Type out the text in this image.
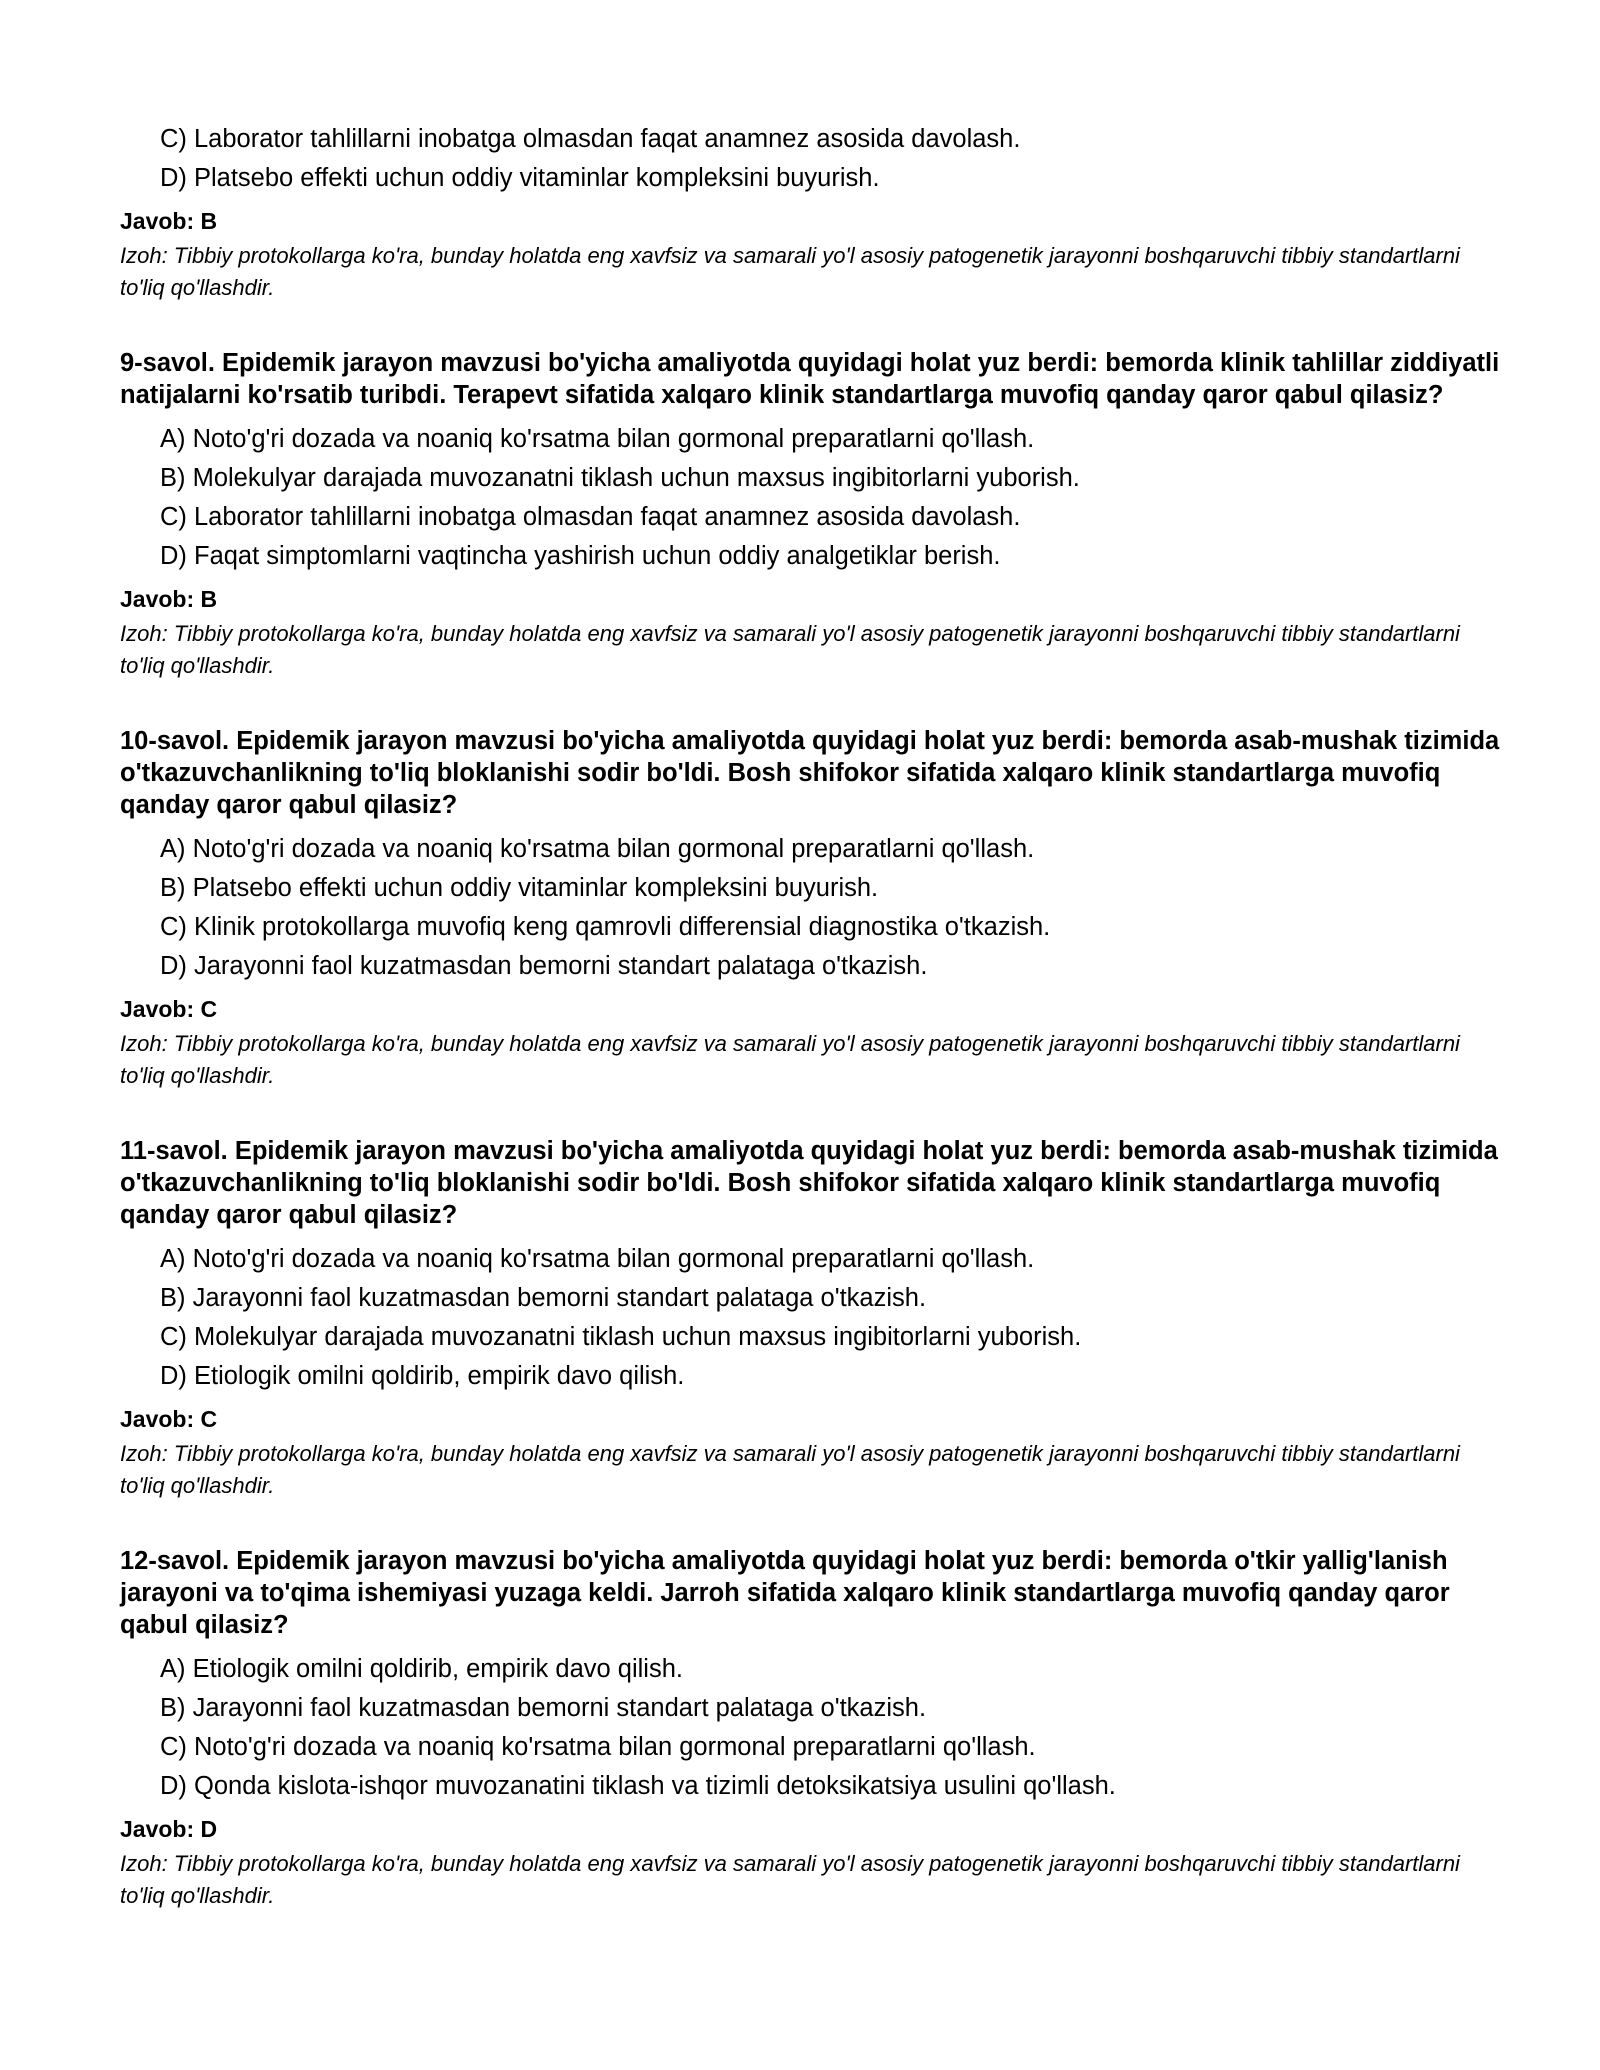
C) Laborator tahlillarni inobatga olmasdan faqat anamnez asosida davolash.
D) Platsebo effekti uchun oddiy vitaminlar kompleksini buyurish.
Javob: B
Izoh: Tibbiy protokollarga ko'ra, bunday holatda eng xavfsiz va samarali yo'l asosiy patogenetik jarayonni boshqaruvchi tibbiy standartlarni to'liq qo'llashdir.
9-savol. Epidemik jarayon mavzusi bo'yicha amaliyotda quyidagi holat yuz berdi: bemorda klinik tahlillar ziddiyatli natijalarni ko'rsatib turibdi. Terapevt sifatida xalqaro klinik standartlarga muvofiq qanday qaror qabul qilasiz?
A) Noto'g'ri dozada va noaniq ko'rsatma bilan gormonal preparatlarni qo'llash.
B) Molekulyar darajada muvozanatni tiklash uchun maxsus ingibitorlarni yuborish.
C) Laborator tahlillarni inobatga olmasdan faqat anamnez asosida davolash.
D) Faqat simptomlarni vaqtincha yashirish uchun oddiy analgetiklar berish.
Javob: B
Izoh: Tibbiy protokollarga ko'ra, bunday holatda eng xavfsiz va samarali yo'l asosiy patogenetik jarayonni boshqaruvchi tibbiy standartlarni to'liq qo'llashdir.
10-savol. Epidemik jarayon mavzusi bo'yicha amaliyotda quyidagi holat yuz berdi: bemorda asab-mushak tizimida o'tkazuvchanlikning to'liq bloklanishi sodir bo'ldi. Bosh shifokor sifatida xalqaro klinik standartlarga muvofiq qanday qaror qabul qilasiz?
A) Noto'g'ri dozada va noaniq ko'rsatma bilan gormonal preparatlarni qo'llash.
B) Platsebo effekti uchun oddiy vitaminlar kompleksini buyurish.
C) Klinik protokollarga muvofiq keng qamrovli differensial diagnostika o'tkazish.
D) Jarayonni faol kuzatmasdan bemorni standart palataga o'tkazish.
Javob: C
Izoh: Tibbiy protokollarga ko'ra, bunday holatda eng xavfsiz va samarali yo'l asosiy patogenetik jarayonni boshqaruvchi tibbiy standartlarni to'liq qo'llashdir.
11-savol. Epidemik jarayon mavzusi bo'yicha amaliyotda quyidagi holat yuz berdi: bemorda asab-mushak tizimida o'tkazuvchanlikning to'liq bloklanishi sodir bo'ldi. Bosh shifokor sifatida xalqaro klinik standartlarga muvofiq qanday qaror qabul qilasiz?
A) Noto'g'ri dozada va noaniq ko'rsatma bilan gormonal preparatlarni qo'llash.
B) Jarayonni faol kuzatmasdan bemorni standart palataga o'tkazish.
C) Molekulyar darajada muvozanatni tiklash uchun maxsus ingibitorlarni yuborish.
D) Etiologik omilni qoldirib, empirik davo qilish.
Javob: C
Izoh: Tibbiy protokollarga ko'ra, bunday holatda eng xavfsiz va samarali yo'l asosiy patogenetik jarayonni boshqaruvchi tibbiy standartlarni to'liq qo'llashdir.
12-savol. Epidemik jarayon mavzusi bo'yicha amaliyotda quyidagi holat yuz berdi: bemorda o'tkir yallig'lanish jarayoni va to'qima ishemiyasi yuzaga keldi. Jarroh sifatida xalqaro klinik standartlarga muvofiq qanday qaror qabul qilasiz?
A) Etiologik omilni qoldirib, empirik davo qilish.
B) Jarayonni faol kuzatmasdan bemorni standart palataga o'tkazish.
C) Noto'g'ri dozada va noaniq ko'rsatma bilan gormonal preparatlarni qo'llash.
D) Qonda kislota-ishqor muvozanatini tiklash va tizimli detoksikatsiya usulini qo'llash.
Javob: D
Izoh: Tibbiy protokollarga ko'ra, bunday holatda eng xavfsiz va samarali yo'l asosiy patogenetik jarayonni boshqaruvchi tibbiy standartlarni to'liq qo'llashdir.
